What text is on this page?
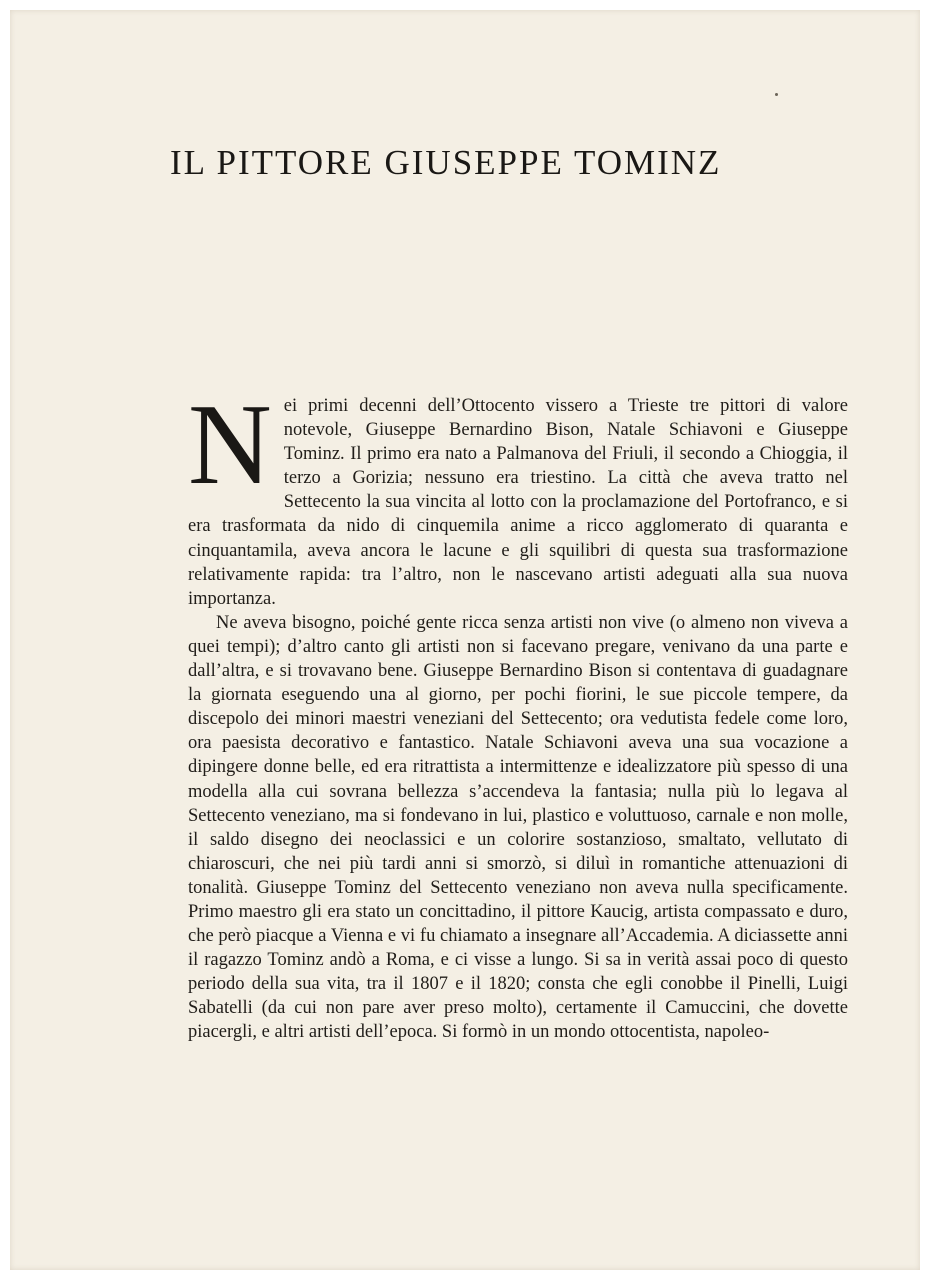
IL PITTORE GIUSEPPE TOMINZ

Nei primi decenni dell’Ottocento vissero a Trieste tre pittori di valore notevole, Giuseppe Bernardino Bison, Natale Schiavoni e Giuseppe Tominz. Il primo era nato a Palmanova del Friuli, il secondo a Chioggia, il terzo a Gorizia; nessuno era triestino. La città che aveva tratto nel Settecento la sua vincita al lotto con la proclamazione del Portofranco, e si era trasformata da nido di cinquemila anime a ricco agglomerato di quaranta e cinquantamila, aveva ancora le lacune e gli squilibri di questa sua trasformazione relativamente rapida: tra l’altro, non le nascevano artisti adeguati alla sua nuova importanza.

Ne aveva bisogno, poiché gente ricca senza artisti non vive (o almeno non viveva a quei tempi); d’altro canto gli artisti non si facevano pregare, venivano da una parte e dall’altra, e si trovavano bene. Giuseppe Bernardino Bison si contentava di guadagnare la giornata eseguendo una al giorno, per pochi fiorini, le sue piccole tempere, da discepolo dei minori maestri veneziani del Settecento; ora vedutista fedele come loro, ora paesista decorativo e fantastico. Natale Schiavoni aveva una sua vocazione a dipingere donne belle, ed era ritrattista a intermittenze e idealizzatore più spesso di una modella alla cui sovrana bellezza s’accendeva la fantasia; nulla più lo legava al Settecento veneziano, ma si fondevano in lui, plastico e voluttuoso, carnale e non molle, il saldo disegno dei neoclassici e un colorire sostanzioso, smaltato, vellutato di chiaroscuri, che nei più tardi anni si smorzò, si diluì in romantiche attenuazioni di tonalità. Giuseppe Tominz del Settecento veneziano non aveva nulla specificamente. Primo maestro gli era stato un concittadino, il pittore Kaucig, artista compassato e duro, che però piacque a Vienna e vi fu chiamato a insegnare all’Accademia. A diciassette anni il ragazzo Tominz andò a Roma, e ci visse a lungo. Si sa in verità assai poco di questo periodo della sua vita, tra il 1807 e il 1820; consta che egli conobbe il Pinelli, Luigi Sabatelli (da cui non pare aver preso molto), certamente il Camuccini, che dovette piacergli, e altri artisti dell’epoca. Si formò in un mondo ottocentista, napoleo-
